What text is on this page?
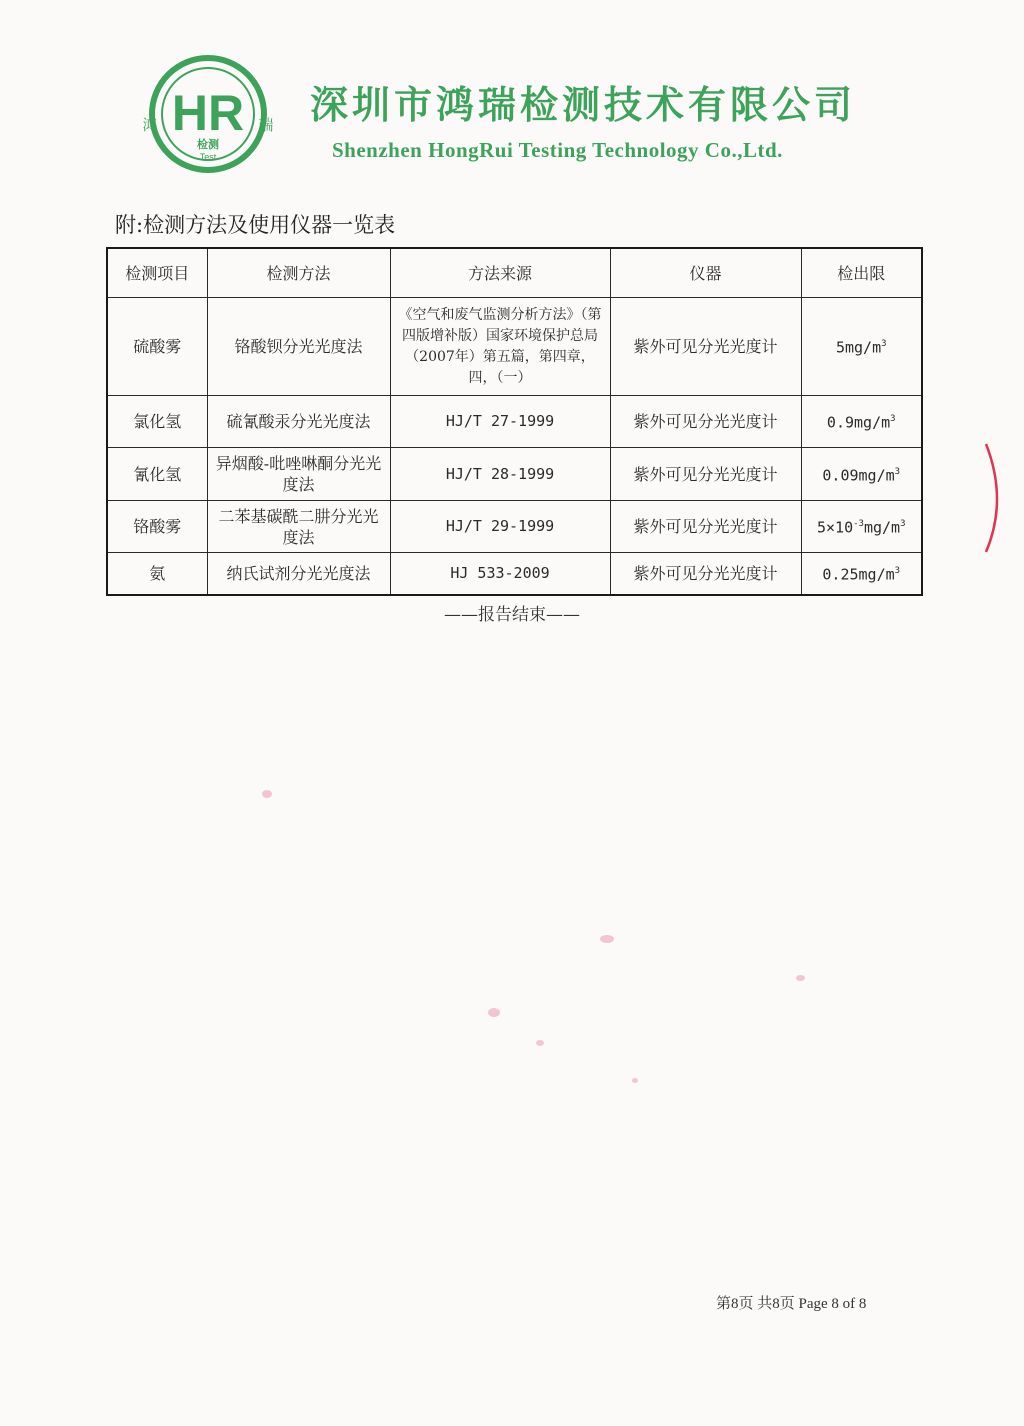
HR
鸿	瑞
检测
Test
深圳市鸿瑞检测技术有限公司
Shenzhen HongRui Testing Technology Co.,Ltd.
附:检测方法及使用仪器一览表
检测项目	检测方法	方法来源	仪器	检出限
硫酸雾	铬酸钡分光光度法	《空气和废气监测分析方法》（第四版增补版）国家环境保护总局（2007年）第五篇，第四章，四，（一）	紫外可见分光光度计	$5mg/m^3$
氯化氢	硫氰酸汞分光光度法	HJ/T 27-1999	紫外可见分光光度计	$0.9mg/m^3$
氰化氢	异烟酸-吡唑啉酮分光光度法	HJ/T 28-1999	紫外可见分光光度计	$0.09mg/m^3$
铬酸雾	二苯基碳酰二肼分光光度法	HJ/T 29-1999	紫外可见分光光度计	$5\times 10^{-3}mg/m^3$
氨	纳氏试剂分光光度法	HJ 533-2009	紫外可见分光光度计	$0.25mg/m^3$
——报告结束——
第8页 共8页 Page 8 of 8
